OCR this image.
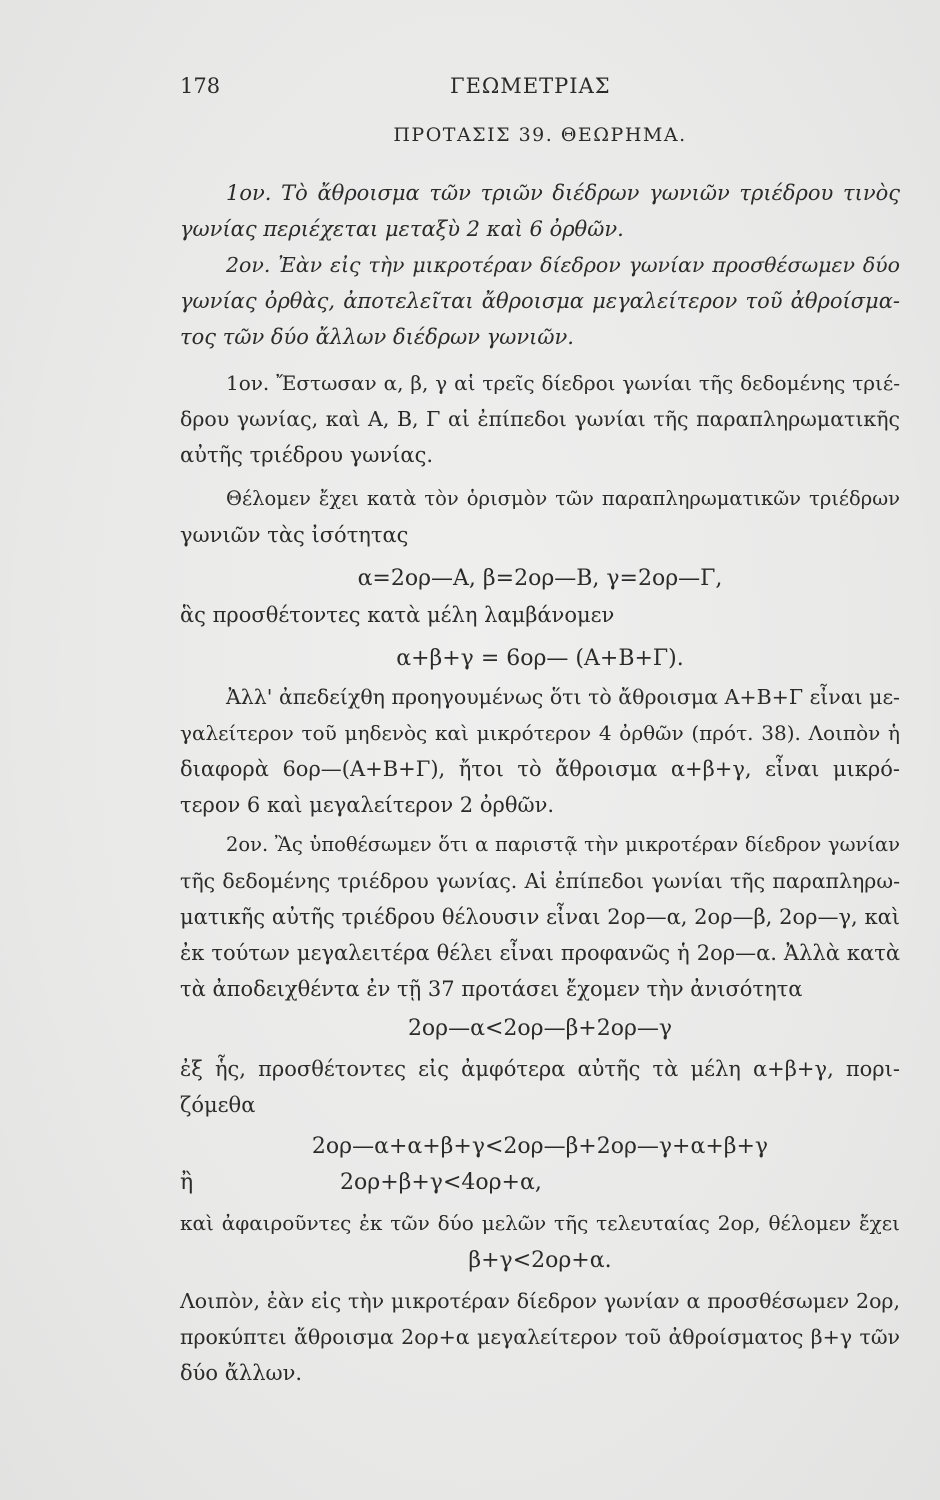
178	ΓΕΩΜΕΤΡΙΑΣ
ΠΡΟΤΑΣΙΣ 39. ΘΕΩΡΗΜΑ.
1ον. Τὸ ἄθροισμα τῶν τριῶν διέδρων γωνιῶν τριέδρου τινὸς
γωνίας περιέχεται μεταξὺ 2 καὶ 6 ὀρθῶν.
2ον. Ἐὰν εἰς τὴν μικροτέραν δίεδρον γωνίαν προσθέσωμεν δύο
γωνίας ὀρθὰς, ἀποτελεῖται ἄθροισμα μεγαλείτερον τοῦ ἀθροίσμα-
τος τῶν δύο ἄλλων διέδρων γωνιῶν.
1ον. Ἔστωσαν α, β, γ αἱ τρεῖς δίεδροι γωνίαι τῆς δεδομένης τριέ-
δρου γωνίας, καὶ Α, Β, Γ αἱ ἐπίπεδοι γωνίαι τῆς παραπληρωματικῆς
αὐτῆς τριέδρου γωνίας.
Θέλομεν ἔχει κατὰ τὸν ὁρισμὸν τῶν παραπληρωματικῶν τριέδρων
γωνιῶν τὰς ἰσότητας
α=2ορ—Α, β=2ορ—Β, γ=2ορ—Γ,
ἃς προσθέτοντες κατὰ μέλη λαμβάνομεν
α+β+γ = 6ορ— (Α+Β+Γ).
Ἀλλ' ἀπεδείχθη προηγουμένως ὅτι τὸ ἄθροισμα Α+Β+Γ εἶναι με-
γαλείτερον τοῦ μηδενὸς καὶ μικρότερον 4 ὀρθῶν (πρότ. 38). Λοιπὸν ἡ
διαφορὰ 6ορ—(Α+Β+Γ), ἤτοι τὸ ἄθροισμα α+β+γ, εἶναι μικρό-
τερον 6 καὶ μεγαλείτερον 2 ὀρθῶν.
2ον. Ἂς ὑποθέσωμεν ὅτι α παριστᾷ τὴν μικροτέραν δίεδρον γωνίαν
τῆς δεδομένης τριέδρου γωνίας. Αἱ ἐπίπεδοι γωνίαι τῆς παραπληρω-
ματικῆς αὐτῆς τριέδρου θέλουσιν εἶναι 2ορ—α, 2ορ—β, 2ορ—γ, καὶ
ἐκ τούτων μεγαλειτέρα θέλει εἶναι προφανῶς ἡ 2ορ—α. Ἀλλὰ κατὰ
τὰ ἀποδειχθέντα ἐν τῇ 37 προτάσει ἔχομεν τὴν ἀνισότητα
2ορ—α<2ορ—β+2ορ—γ
ἐξ ἧς, προσθέτοντες εἰς ἀμφότερα αὐτῆς τὰ μέλη α+β+γ, πορι-
ζόμεθα
2ορ—α+α+β+γ<2ορ—β+2ορ—γ+α+β+γ
ἢ                     2ορ+β+γ<4ορ+α,
καὶ ἀφαιροῦντες ἐκ τῶν δύο μελῶν τῆς τελευταίας 2ορ, θέλομεν ἔχει
β+γ<2ορ+α.
Λοιπὸν, ἐὰν εἰς τὴν μικροτέραν δίεδρον γωνίαν α προσθέσωμεν 2ορ,
προκύπτει ἄθροισμα 2ορ+α μεγαλείτερον τοῦ ἀθροίσματος β+γ τῶν
δύο ἄλλων.
